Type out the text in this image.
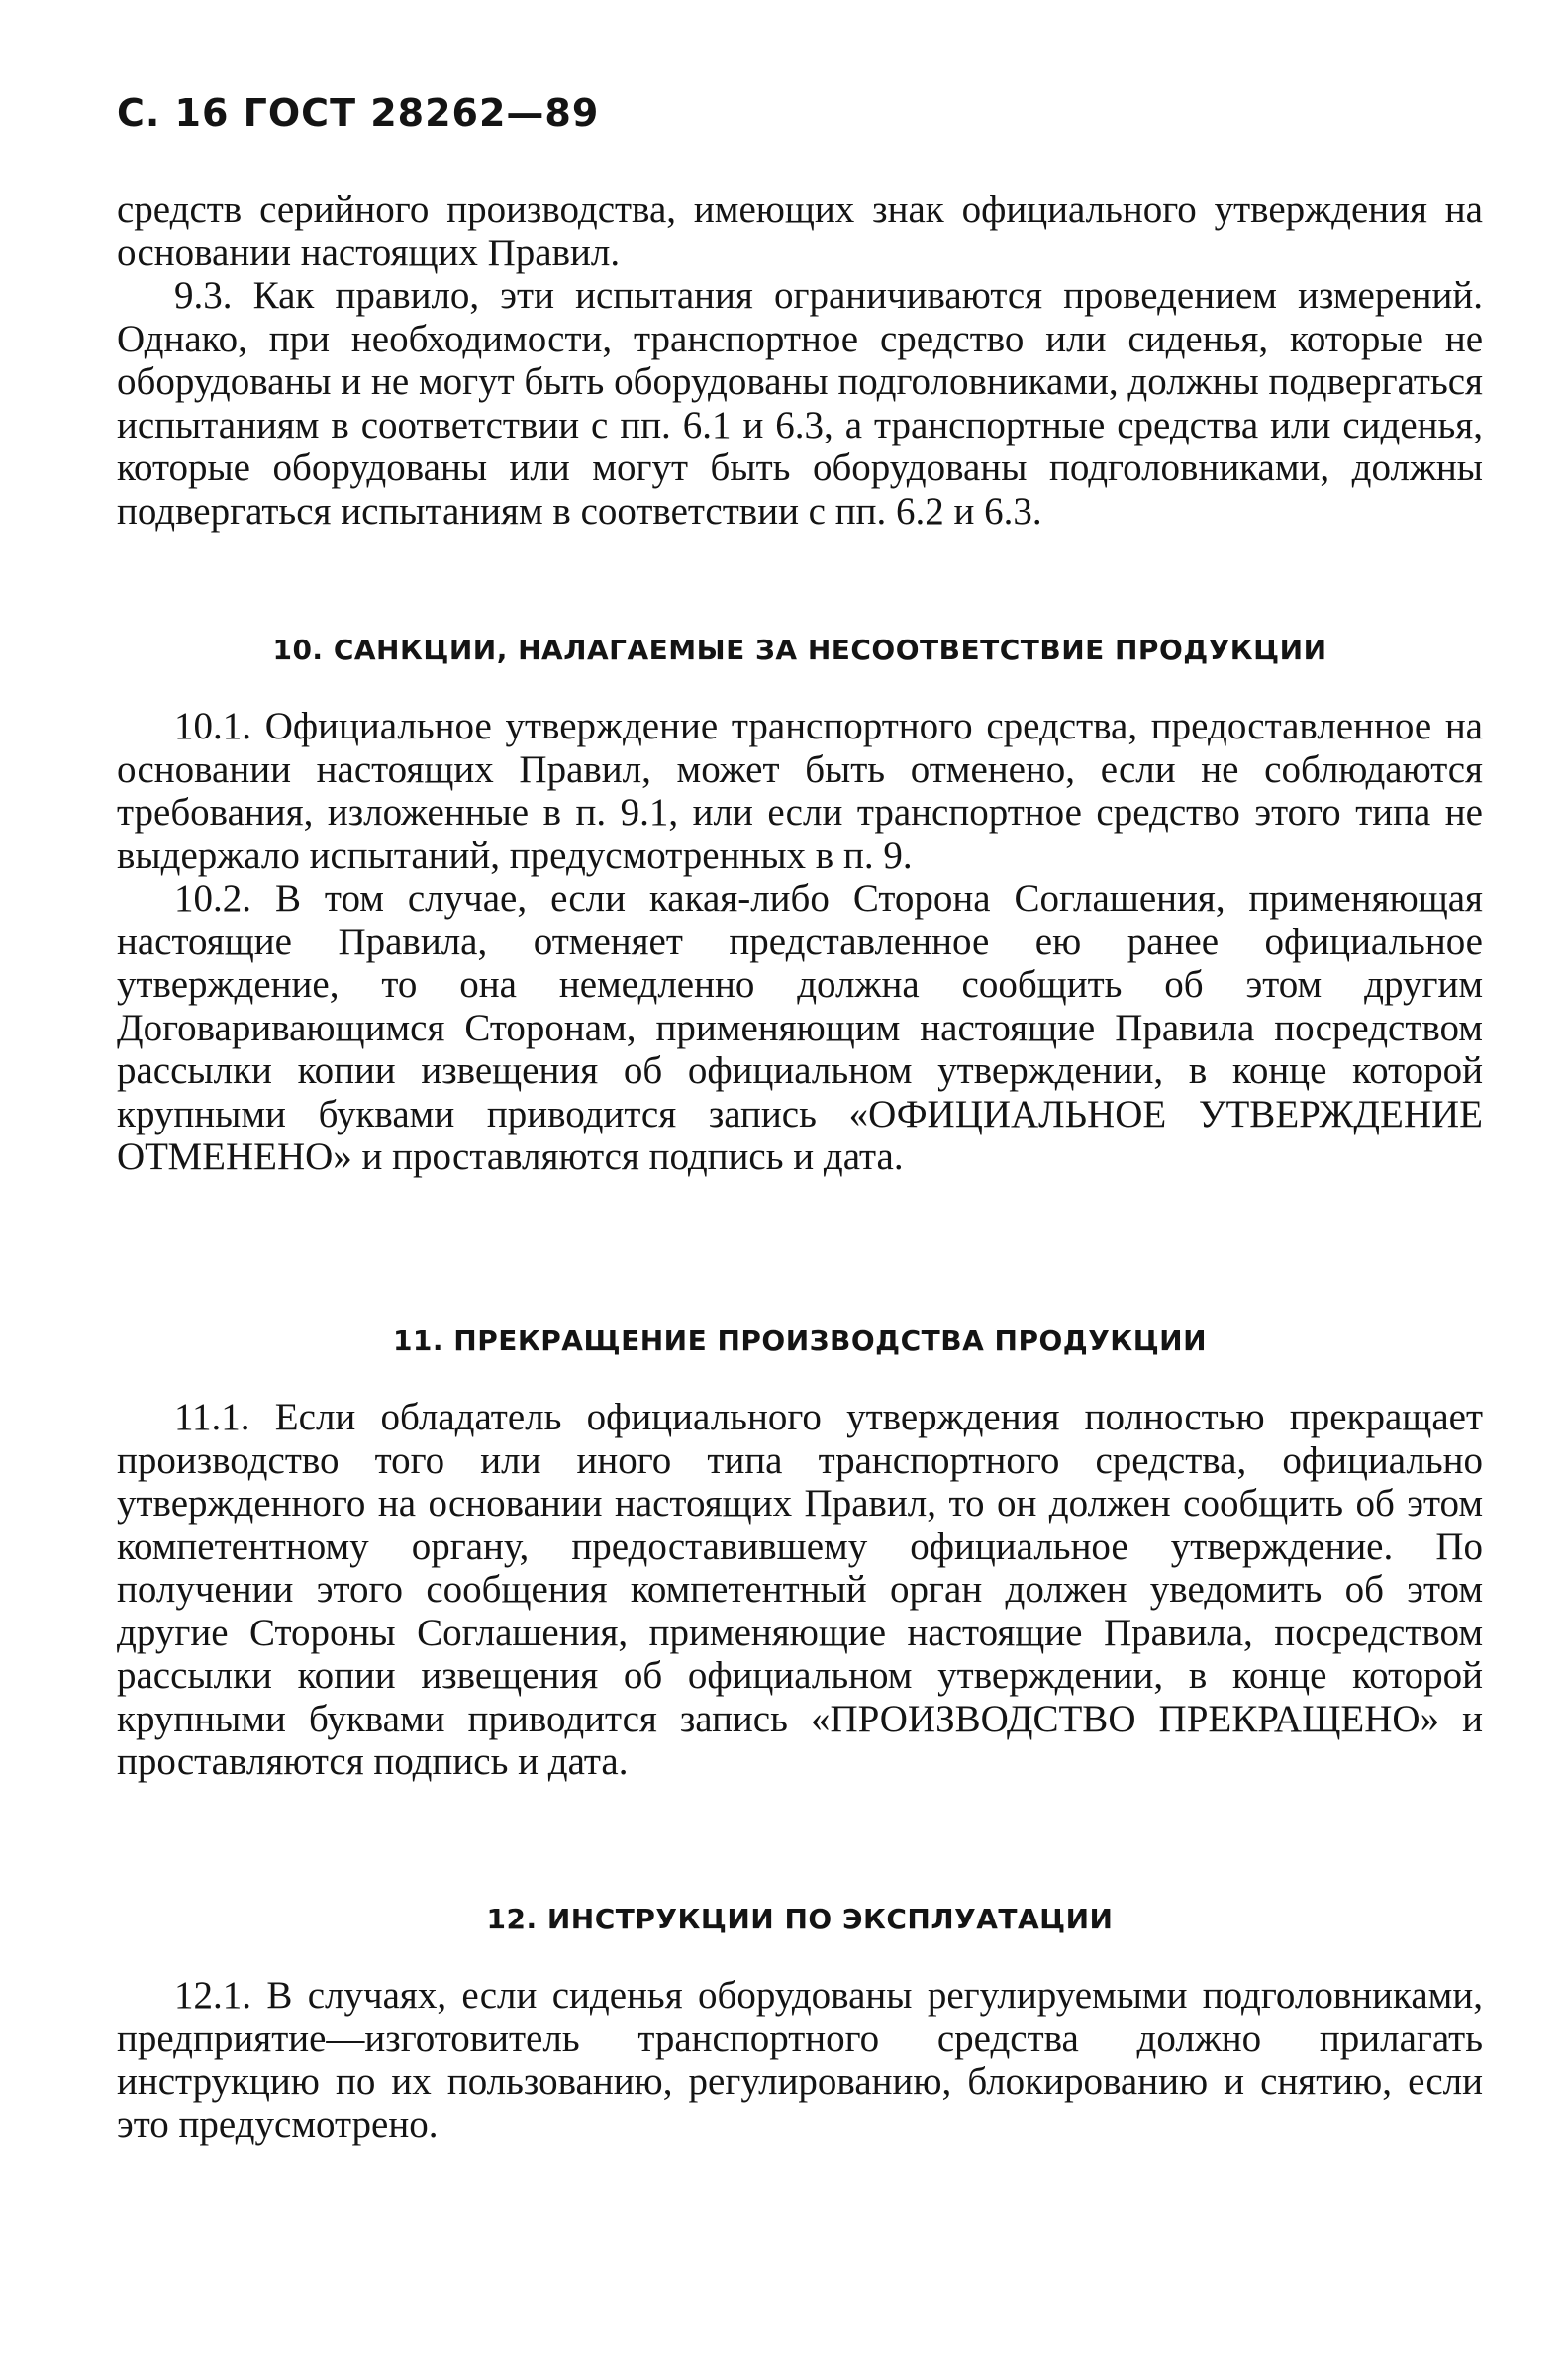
С. 16 ГОСТ 28262—89

средств серийного производства, имеющих знак официального утверждения на основании настоящих Правил.

9.3. Как правило, эти испытания ограничиваются проведением измерений. Однако, при необходимости, транспортное средство или сиденья, которые не оборудованы и не могут быть оборудованы подголовниками, должны подвергаться испытаниям в соответствии с пп. 6.1 и 6.3, а транспортные средства или сиденья, которые оборудованы или могут быть оборудованы подголовниками, должны подвергаться испытаниям в соответствии с пп. 6.2 и 6.3.

10. САНКЦИИ, НАЛАГАЕМЫЕ ЗА НЕСООТВЕТСТВИЕ ПРОДУКЦИИ

10.1. Официальное утверждение транспортного средства, предоставленное на основании настоящих Правил, может быть отменено, если не соблюдаются требования, изложенные в п. 9.1, или если транспортное средство этого типа не выдержало испытаний, предусмотренных в п. 9.

10.2. В том случае, если какая-либо Сторона Соглашения, применяющая настоящие Правила, отменяет представленное ею ранее официальное утверждение, то она немедленно должна сообщить об этом другим Договаривающимся Сторонам, применяющим настоящие Правила посредством рассылки копии извещения об официальном утверждении, в конце которой крупными буквами приводится запись «ОФИЦИАЛЬНОЕ УТВЕРЖДЕНИЕ ОТМЕНЕНО» и проставляются подпись и дата.

11. ПРЕКРАЩЕНИЕ ПРОИЗВОДСТВА ПРОДУКЦИИ

11.1. Если обладатель официального утверждения полностью прекращает производство того или иного типа транспортного средства, официально утвержденного на основании настоящих Правил, то он должен сообщить об этом компетентному органу, предоставившему официальное утверждение. По получении этого сообщения компетентный орган должен уведомить об этом другие Стороны Соглашения, применяющие настоящие Правила, посредством рассылки копии извещения об официальном утверждении, в конце которой крупными буквами приводится запись «ПРОИЗВОДСТВО ПРЕКРАЩЕНО» и проставляются подпись и дата.

12. ИНСТРУКЦИИ ПО ЭКСПЛУАТАЦИИ

12.1. В случаях, если сиденья оборудованы регулируемыми подголовниками, предприятие—изготовитель транспортного средства должно прилагать инструкцию по их пользованию, регулированию, блокированию и снятию, если это предусмотрено.
